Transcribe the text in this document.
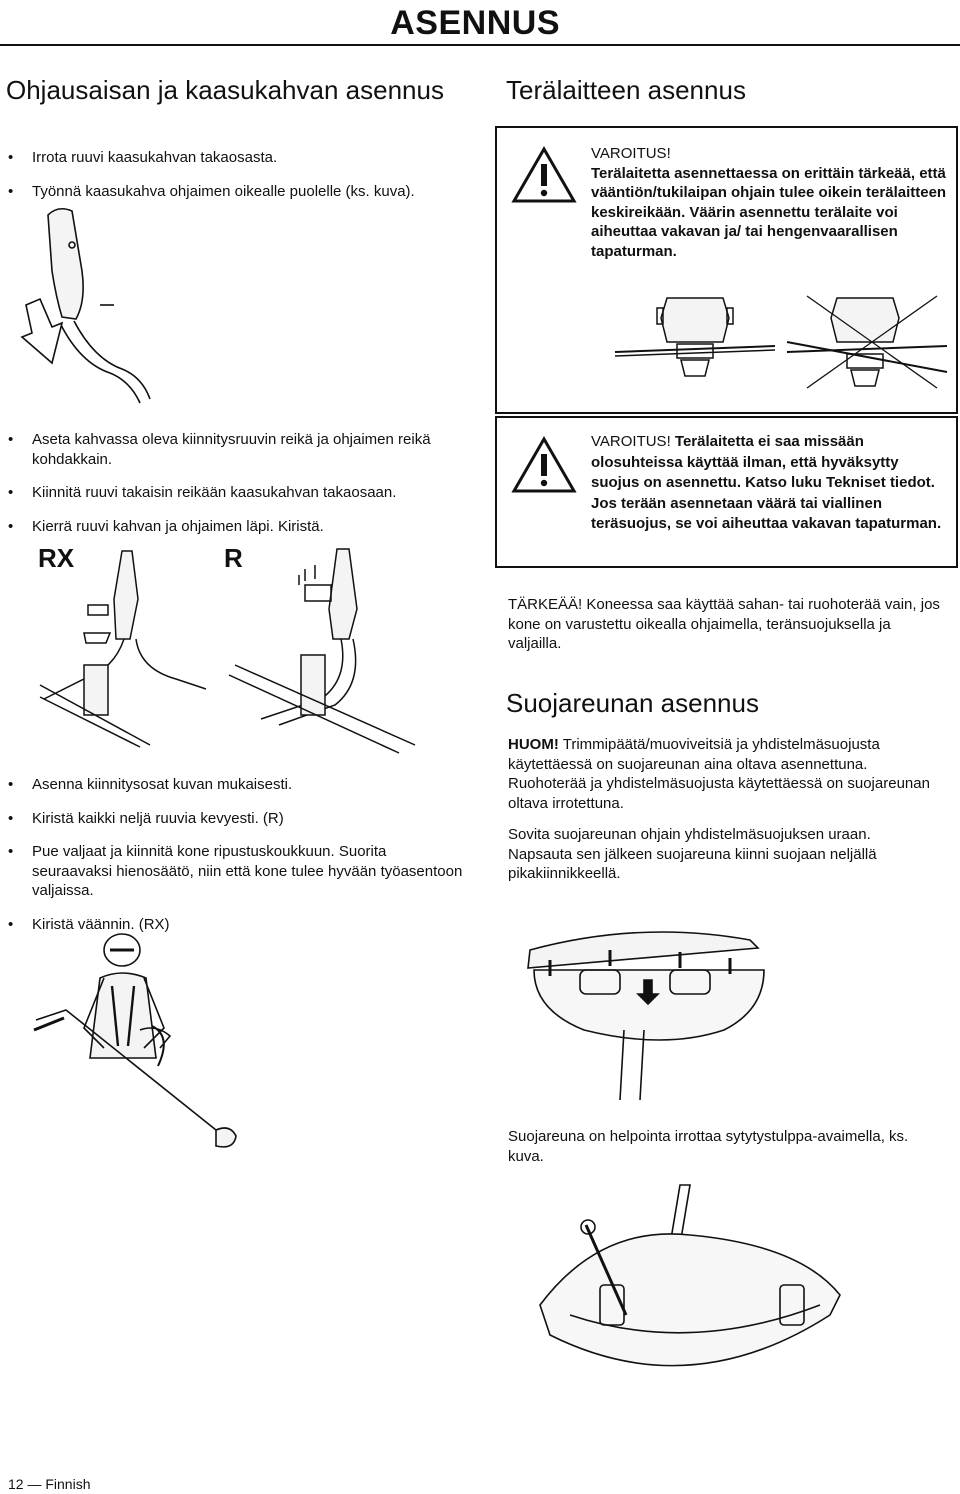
ASENNUS
Ohjausaisan ja kaasukahvan asennus
• Irrota ruuvi kaasukahvan takaosasta.
• Työnnä kaasukahva ohjaimen oikealle puolelle (ks. kuva).
• Aseta kahvassa oleva kiinnitysruuvin reikä ja ohjaimen reikä kohdakkain.
• Kiinnitä ruuvi takaisin reikään kaasukahvan takaosaan.
• Kierrä ruuvi kahvan ja ohjaimen läpi. Kiristä.
RX	R
• Asenna kiinnitysosat kuvan mukaisesti.
• Kiristä kaikki neljä ruuvia kevyesti. (R)
• Pue valjaat ja kiinnitä kone ripustuskoukkuun. Suorita seuraavaksi hienosäätö, niin että kone tulee hyvään työasentoon valjaissa.
• Kiristä väännin. (RX)
Terälaitteen asennus
VAROITUS!
Terälaitetta asennettaessa on erittäin tärkeää, että vääntiön/tukilaipan ohjain tulee oikein terälaitteen keskireikään. Väärin asennettu terälaite voi aiheuttaa vakavan ja/ tai hengenvaarallisen tapaturman.
VAROITUS! Terälaitetta ei saa missään olosuhteissa käyttää ilman, että hyväksytty suojus on asennettu. Katso luku Tekniset tiedot. Jos terään asennetaan väärä tai viallinen teräsuojus, se voi aiheuttaa vakavan tapaturman.
TÄRKEÄÄ! Koneessa saa käyttää sahan- tai ruohoterää vain, jos kone on varustettu oikealla ohjaimella, teränsuojuksella ja valjailla.
Suojareunan asennus
HUOM! Trimmipäätä/muoviveitsiä ja yhdistelmäsuojusta käytettäessä on suojareunan aina oltava asennettuna. Ruohoterää ja yhdistelmäsuojusta käytettäessä on suojareunan oltava irrotettuna.
Sovita suojareunan ohjain yhdistelmäsuojuksen uraan. Napsauta sen jälkeen suojareuna kiinni suojaan neljällä pikakiinnikkeellä.
Suojareuna on helpointa irrottaa sytytystulppa-avaimella, ks. kuva.
12 — Finnish
